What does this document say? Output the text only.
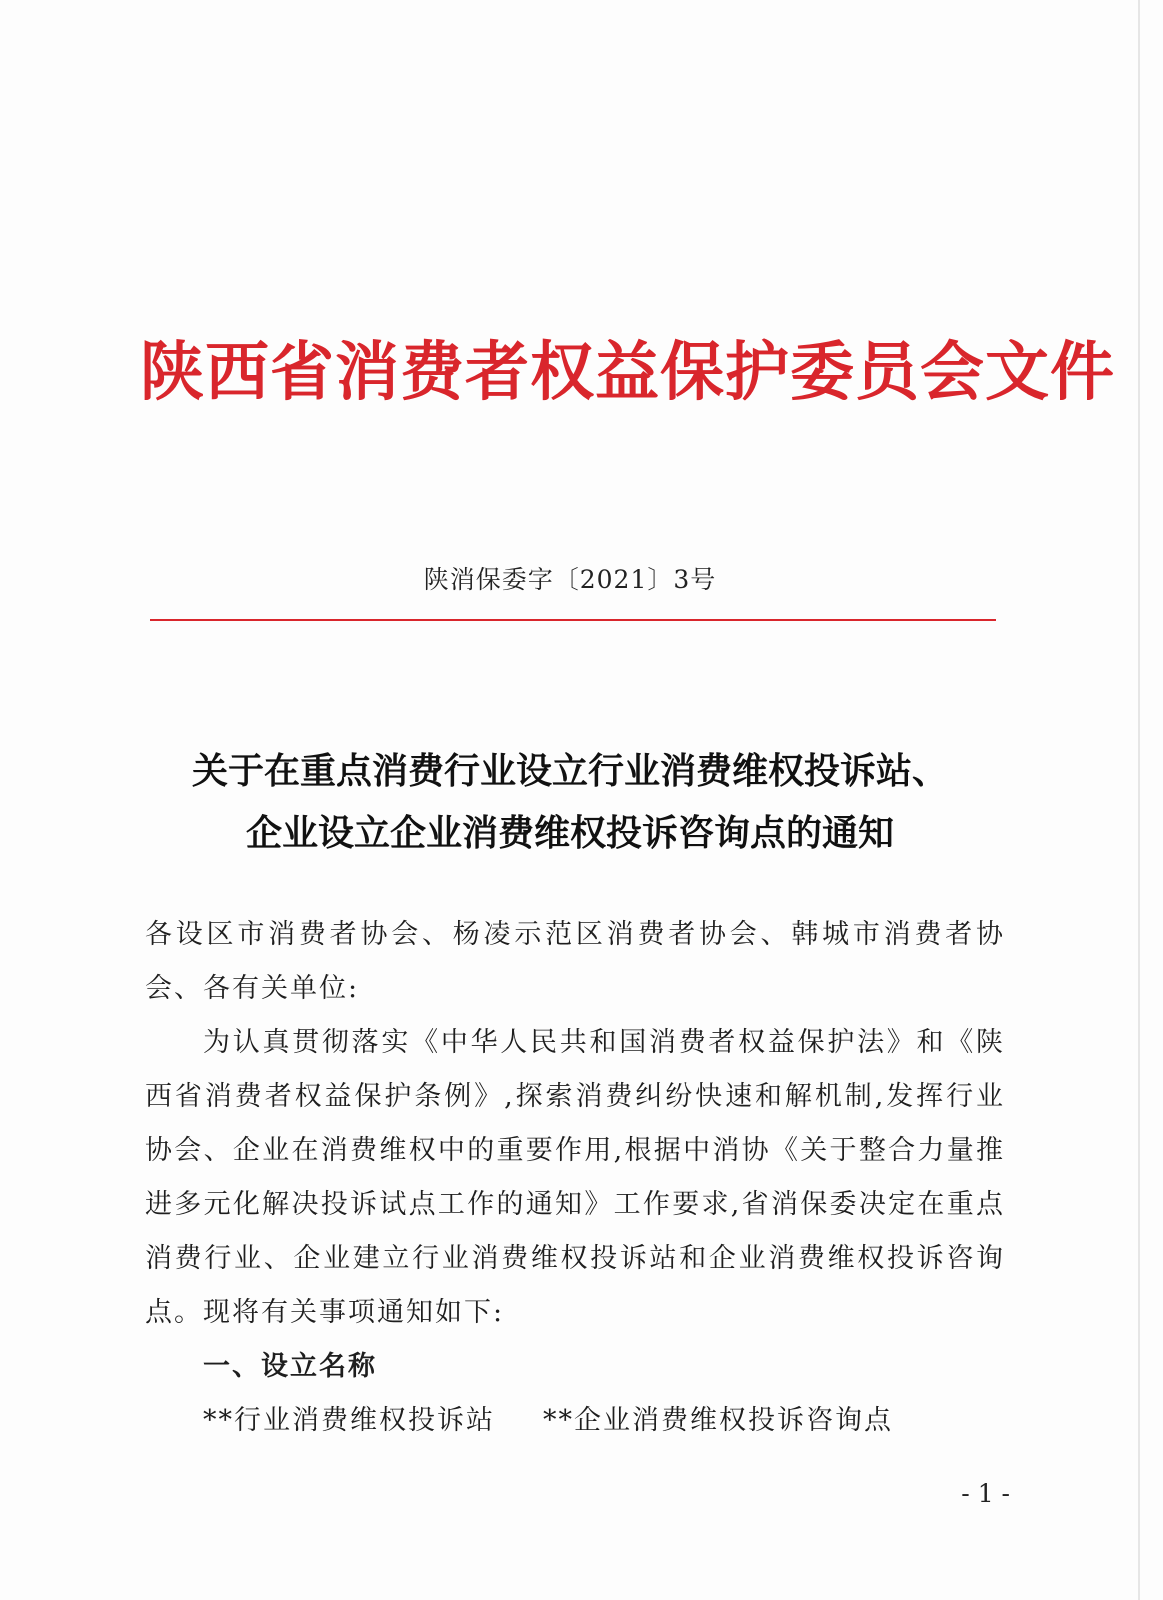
陕西省消费者权益保护委员会文件
陕消保委字〔2021〕3号
关于在重点消费行业设立行业消费维权投诉站、
企业设立企业消费维权投诉咨询点的通知

各设区市消费者协会、杨凌示范区消费者协会、韩城市消费者协会、各有关单位:

为认真贯彻落实《中华人民共和国消费者权益保护法》和《陕西省消费者权益保护条例》,探索消费纠纷快速和解机制,发挥行业协会、企业在消费维权中的重要作用,根据中消协《关于整合力量推进多元化解决投诉试点工作的通知》工作要求,省消保委决定在重点消费行业、企业建立行业消费维权投诉站和企业消费维权投诉咨询点。现将有关事项通知如下:

一、设立名称

**行业消费维权投诉站 **企业消费维权投诉咨询点

- 1 -
